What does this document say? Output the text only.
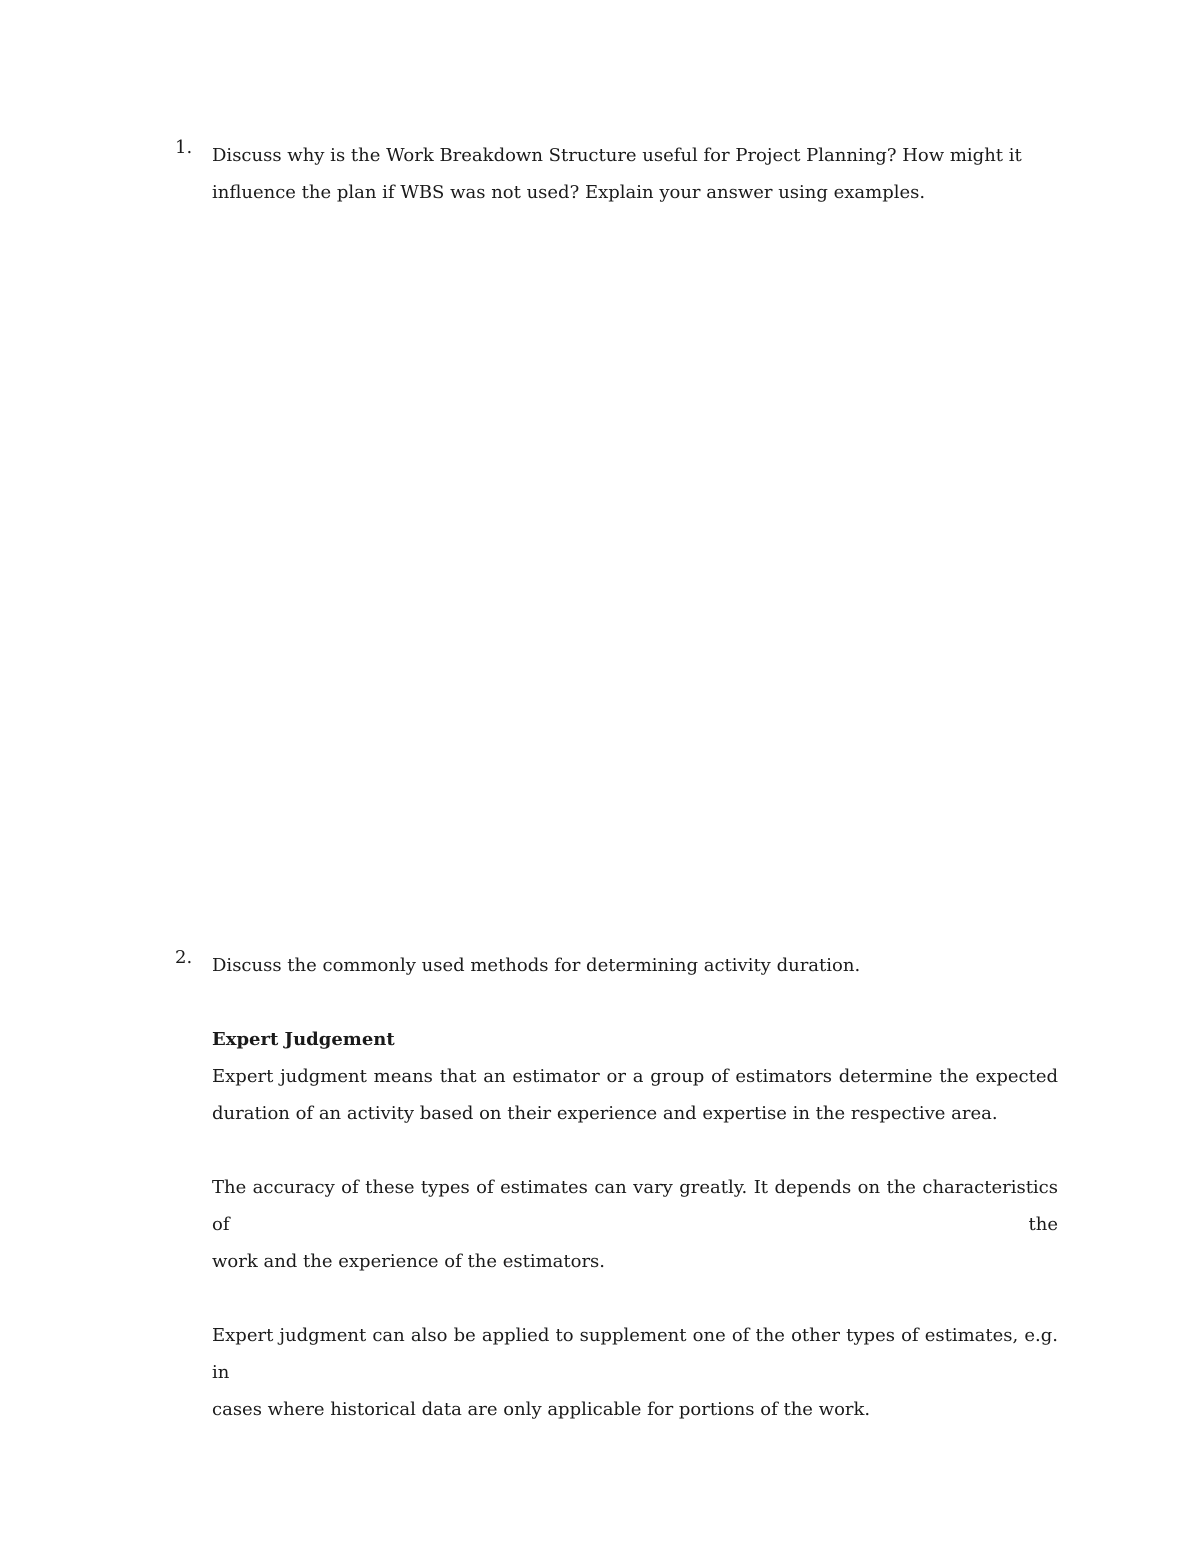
1.	Discuss why is the Work Breakdown Structure useful for Project Planning? How might it
influence the plan if WBS was not used? Explain your answer using examples.
2.	Discuss the commonly used methods for determining activity duration.
Expert Judgement
Expert judgment means that an estimator or a group of estimators determine the expected
duration of an activity based on their experience and expertise in the respective area.
The accuracy of these types of estimates can vary greatly. It depends on the characteristics of the
work and the experience of the estimators.
Expert judgment can also be applied to supplement one of the other types of estimates, e.g. in
cases where historical data are only applicable for portions of the work.
